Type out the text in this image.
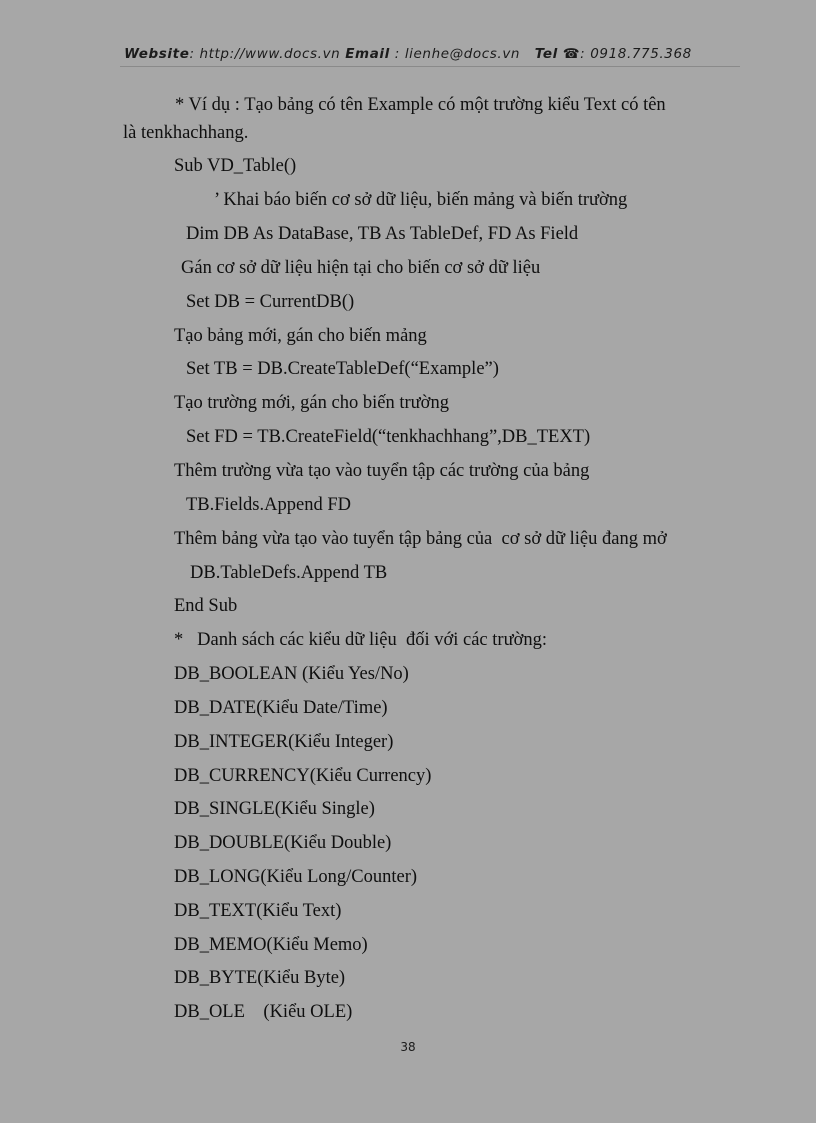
Website: http://www.docs.vn Email : lienhe@docs.vn Tel ☎: 0918.775.368
* Ví dụ : Tạo bảng có tên Example có một trường kiểu Text có tên
là tenkhachhang.
Sub VD_Table()
’ Khai báo biến cơ sở dữ liệu, biến mảng và biến trường
Dim DB As DataBase, TB As TableDef, FD As Field
Gán cơ sở dữ liệu hiện tại cho biến cơ sở dữ liệu
Set DB = CurrentDB()
Tạo bảng mới, gán cho biến mảng
Set TB = DB.CreateTableDef(“Example”)
Tạo trường mới, gán cho biến trường
Set FD = TB.CreateField(“tenkhachhang”,DB_TEXT)
Thêm trường vừa tạo vào tuyển tập các trường của bảng
TB.Fields.Append FD
Thêm bảng vừa tạo vào tuyển tập bảng của  cơ sở dữ liệu đang mở
DB.TableDefs.Append TB
End Sub
*   Danh sách các kiểu dữ liệu  đối với các trường:
DB_BOOLEAN (Kiểu Yes/No)
DB_DATE(Kiểu Date/Time)
DB_INTEGER(Kiểu Integer)
DB_CURRENCY(Kiểu Currency)
DB_SINGLE(Kiểu Single)
DB_DOUBLE(Kiểu Double)
DB_LONG(Kiểu Long/Counter)
DB_TEXT(Kiểu Text)
DB_MEMO(Kiểu Memo)
DB_BYTE(Kiểu Byte)
DB_OLE    (Kiểu OLE)
38
